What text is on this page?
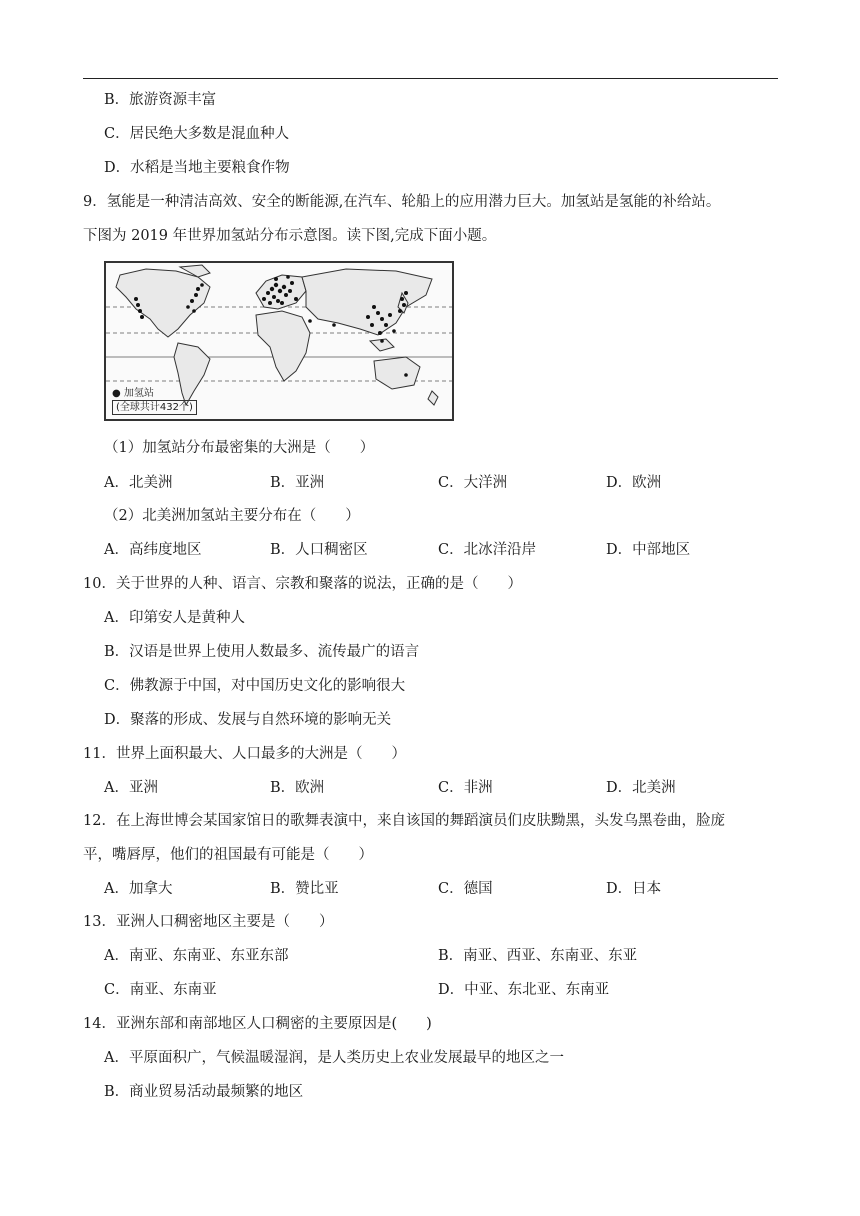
B．旅游资源丰富
C．居民绝大多数是混血种人
D．水稻是当地主要粮食作物
9．氢能是一种清洁高效、安全的断能源,在汽车、轮船上的应用潜力巨大。加氢站是氢能的补给站。
下图为 2019 年世界加氢站分布示意图。读下图,完成下面小题。
● 加氢站
(全球共计432个)
（1）加氢站分布最密集的大洲是（　　）
A．北美洲	B．亚洲	C．大洋洲	D．欧洲
（2）北美洲加氢站主要分布在（　　）
A．高纬度地区	B．人口稠密区	C．北冰洋沿岸	D．中部地区
10．关于世界的人种、语言、宗教和聚落的说法，正确的是（　　）
A．印第安人是黄种人
B．汉语是世界上使用人数最多、流传最广的语言
C．佛教源于中国，对中国历史文化的影响很大
D．聚落的形成、发展与自然环境的影响无关
11．世界上面积最大、人口最多的大洲是（　　）
A．亚洲	B．欧洲	C．非洲	D．北美洲
12．在上海世博会某国家馆日的歌舞表演中，来自该国的舞蹈演员们皮肤黝黑，头发乌黑卷曲，脸庞
平，嘴唇厚，他们的祖国最有可能是（　　）
A．加拿大	B．赞比亚	C．德国	D．日本
13．亚洲人口稠密地区主要是（　　）
A．南亚、东南亚、东亚东部	B．南亚、西亚、东南亚、东亚
C．南亚、东南亚	D．中亚、东北亚、东南亚
14．亚洲东部和南部地区人口稠密的主要原因是(　　)
A．平原面积广，气候温暖湿润，是人类历史上农业发展最早的地区之一
B．商业贸易活动最频繁的地区
